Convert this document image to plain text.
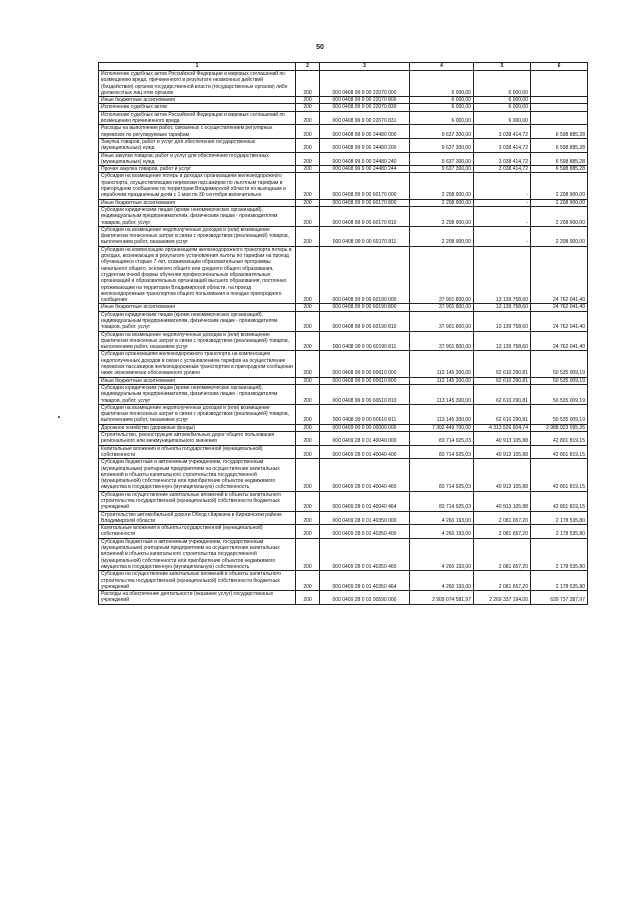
50
1	2	3	4	5	6
Исполнение судебных актов Российской Федерации и мировых соглашений по возмещению вреда, причиненного в результате незаконных действий (бездействия) органов государственной власти (государственных органов) либо должностных лиц этих органов	200	000 0408 99 9 00 22070 000	6 000,00	6 000,00	
Иные бюджетные ассигнования	200	000 0408 99 9 00 22070 800	6 000,00	6 000,00	
Исполнение судебных актов	200	000 0408 99 9 00 22070 830	6 000,00	6 000,00	
Исполнение судебных актов Российской Федерации и мировых соглашений по возмещению причиненного вреда	200	000 0408 99 9 00 22070 831	6 000,00	6 000,00	
Расходы на выполнение работ, связанных с осуществлением регулярных перевозок по регулируемым тарифам	200	000 0408 99 9 00 24480 000	9 637 300,00	3 038 414,72	6 598 885,28
Закупка товаров, работ и услуг для обеспечения государственных (муниципальных) нужд	200	000 0408 99 9 00 24480 200	9 637 300,00	3 038 414,72	6 598 885,28
Иные закупки товаров, работ и услуг для обеспечения государственных (муниципальных) нужд	200	000 0408 99 9 00 24480 240	9 637 300,00	3 038 414,72	6 598 885,28
Прочая закупка товаров, работ и услуг	200	000 0408 99 9 00 24480 244	9 637 300,00	3 038 414,72	6 598 885,28
Субсидии на возмещение потерь в доходах организациям железнодорожного транспорта, осуществляющим перевозки пассажиров по льготным тарифам в пригородном сообщении по территории Владимирской области по выходным и нерабочим праздничным дням с 1 мая по 30 сентября включительно	200	000 0408 99 9 00 60170 000	2 208 900,00	-	2 208 900,00
Иные бюджетные ассигнования	200	000 0408 99 9 00 60170 800	2 208 900,00	-	2 208 900,00
Субсидии юридическим лицам (кроме некоммерческих организаций), индивидуальным предпринимателям, физическим лицам - производителям товаров, работ, услуг	200	000 0408 99 9 00 60170 810	2 208 900,00	-	2 208 900,00
Субсидии на возмещение недополученных доходов и (или) возмещение фактически понесенных затрат в связи с производством (реализацией) товаров, выполнением работ, оказанием услуг	200	000 0408 99 9 00 60170 811	2 208 900,00	-	2 208 900,00
Субсидии на компенсацию организациям железнодорожного транспорта потерь в доходах, возникающих в результате установления льготы по тарифам на проезд обучающимся старше 7 лет, осваивающим образовательные программы начального общего, основного общего или среднего общего образования, студентам очной формы обучения профессиональных образовательных организаций и образовательных организаций высшего образования, постоянно проживающим на территории Владимирской области, на проезд железнодорожным транспортом общего пользования в поездах пригородного сообщения	200	000 0408 99 9 00 60190 000	37 901 800,00	13 139 758,60	24 762 041,40
Иные бюджетные ассигнования	200	000 0408 99 9 00 60190 800	37 901 800,00	13 139 758,60	24 762 041,40
Субсидии юридическим лицам (кроме некоммерческих организаций), индивидуальным предпринимателям, физическим лицам - производителям товаров, работ, услуг	200	000 0408 99 9 00 60190 810	37 901 800,00	13 139 758,60	24 762 041,40
Субсидии на возмещение недополученных доходов и (или) возмещение фактически понесенных затрат в связи с производством (реализацией) товаров, выполнением работ, оказанием услуг	200	000 0408 99 9 00 60190 811	37 901 800,00	13 139 758,60	24 762 041,40
Субсидии организациям железнодорожного транспорта на компенсацию недополученных доходов в связи с установлением тарифов на осуществление перевозок пассажиров железнодорожным транспортом в пригородном сообщении ниже экономически обоснованного уровня	200	000 0408 99 9 00 60610 000	113 145 300,00	62 610 290,81	50 535 009,19
Иные бюджетные ассигнования	200	000 0408 99 9 00 60610 800	113 145 300,00	62 610 290,81	50 535 009,19
Субсидии юридическим лицам (кроме некоммерческих организаций), индивидуальным предпринимателям, физическим лицам - производителям товаров, работ, услуг	200	000 0408 99 9 00 60610 810	113 145 300,00	62 610 290,81	50 535 009,19
Субсидии на возмещение недополученных доходов и (или) возмещение фактически понесенных затрат в связи с производством (реализацией) товаров, выполнением работ, оказанием услуг	200	000 0408 99 9 00 60610 811	113 145 300,00	62 610 290,81	50 535 009,19
Дорожное хозяйство (дорожные фонды)	200	000 0409 00 0 00 00000 000	7 302 449 700,00	4 313 526 604,74	2 988 923 095,26
Строительство, реконструкция автомобильных дорог общего пользования регионального или межмуниципального значения	200	000 0409 28 0 01 40040 000	83 714 925,03	40 913 105,88	42 801 819,15
Капитальные вложения в объекты государственной (муниципальной) собственности	200	000 0409 28 0 01 40040 400	83 714 925,03	40 913 105,88	42 801 819,15
Субсидии бюджетным и автономным учреждениям, государственным (муниципальным) унитарным предприятиям на осуществление капитальных вложений в объекты капитального строительства государственной (муниципальной) собственности или приобретение объектов недвижимого имущества в государственную (муниципальную) собственность	200	000 0409 28 0 01 40040 460	83 714 925,03	40 913 105,88	42 801 819,15
Субсидии на осуществление капитальных вложений в объекты капитального строительства государственной (муниципальной) собственности бюджетных учреждений	200	000 0409 28 0 01 40040 464	83 714 925,03	40 913 105,88	42 801 819,15
Строительство автомобильной дороги Обход г.Киржача в Киржачском районе Владимирской области	200	000 0409 28 0 01 40350 000	4 260 193,00	2 081 657,20	2 178 535,80
Капитальные вложения в объекты государственной (муниципальной) собственности	200	000 0409 28 0 01 40350 400	4 260 193,00	2 081 657,20	2 178 535,80
Субсидии бюджетным и автономным учреждениям, государственным (муниципальным) унитарным предприятиям на осуществление капитальных вложений в объекты капитального строительства государственной (муниципальной) собственности или приобретение объектов недвижимого имущества в государственную (муниципальную) собственность	200	000 0409 28 0 01 40350 460	4 260 193,00	2 081 657,20	2 178 535,80
Субсидии на осуществление капитальных вложений в объекты капитального строительства государственной (муниципальной) собственности бюджетных учреждений	200	000 0409 28 0 01 40350 464	4 260 193,00	2 081 657,20	2 178 535,80
Расходы на обеспечение деятельности (оказание услуг) государственных учреждений	200	000 0409 28 0 02 00590 000	2 909 074 581,97	2 269 337 194,00	639 737 387,97
